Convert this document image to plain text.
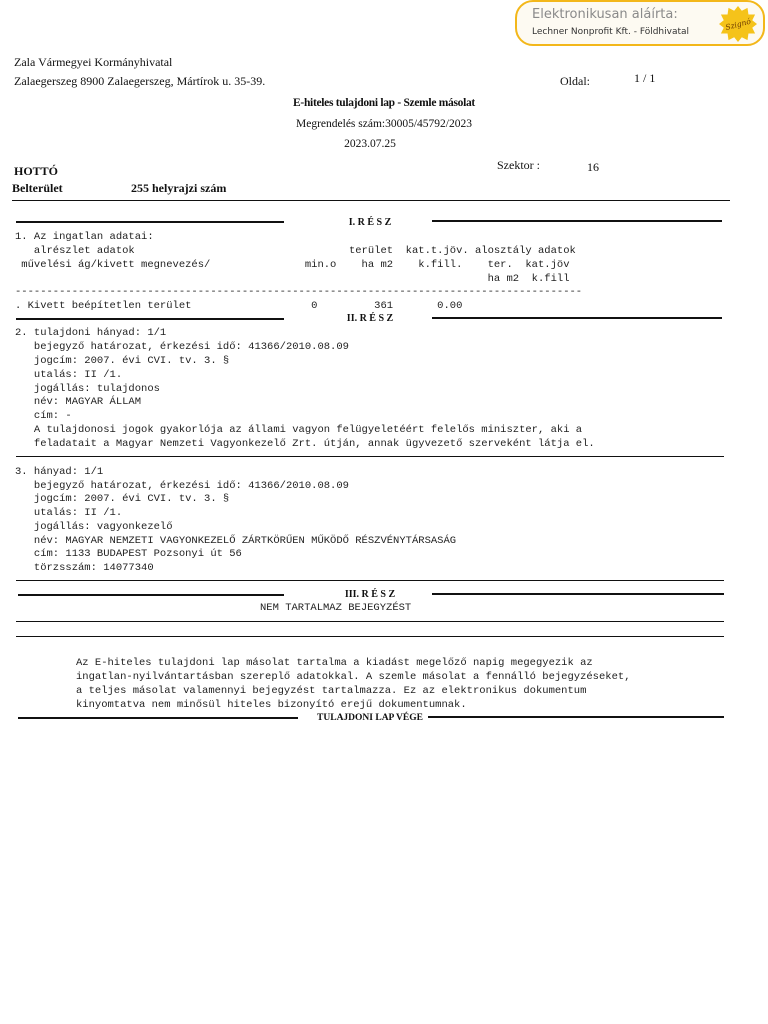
Elektronikusan aláírta:
Lechner Nonprofit Kft. - Földhivatal	Szignó
Zala Vármegyei Kormányhivatal
Zalaegerszeg 8900 Zalaegerszeg, Mártírok u. 35-39.	Oldal:	1 / 1
E-hiteles tulajdoni lap - Szemle másolat
Megrendelés szám:30005/45792/2023
2023.07.25
HOTTÓ	Szektor :	16
Belterület	255 helyrajzi szám
I. R É S Z
1. Az ingatlan adatai:
alrészlet adatok                                  terület  kat.t.jöv. alosztály adatok
művelési ág/kivett megnevezés/               min.o    ha m2    k.fill.    ter.  kat.jöv
ha m2  k.fill
------------------------------------------------------------------------------------------
. Kivett beépítetlen terület                   0         361       0.00
II. R É S Z
2. tulajdoni hányad: 1/1
bejegyző határozat, érkezési idő: 41366/2010.08.09
jogcím: 2007. évi CVI. tv. 3. §
utalás: II /1.
jogállás: tulajdonos
név: MAGYAR ÁLLAM
cím: -
A tulajdonosi jogok gyakorlója az állami vagyon felügyeletéért felelős miniszter, aki a
feladatait a Magyar Nemzeti Vagyonkezelő Zrt. útján, annak ügyvezető szerveként látja el.
3. hányad: 1/1
bejegyző határozat, érkezési idő: 41366/2010.08.09
jogcím: 2007. évi CVI. tv. 3. §
utalás: II /1.
jogállás: vagyonkezelő
név: MAGYAR NEMZETI VAGYONKEZELŐ ZÁRTKÖRŰEN MŰKÖDŐ RÉSZVÉNYTÁRSASÁG
cím: 1133 BUDAPEST Pozsonyi út 56
törzsszám: 14077340
III. R É S Z
NEM TARTALMAZ BEJEGYZÉST
Az E-hiteles tulajdoni lap másolat tartalma a kiadást megelőző napig megegyezik az
ingatlan-nyilvántartásban szereplő adatokkal. A szemle másolat a fennálló bejegyzéseket,
a teljes másolat valamennyi bejegyzést tartalmazza. Ez az elektronikus dokumentum
kinyomtatva nem minősül hiteles bizonyító erejű dokumentumnak.
TULAJDONI LAP VÉGE
